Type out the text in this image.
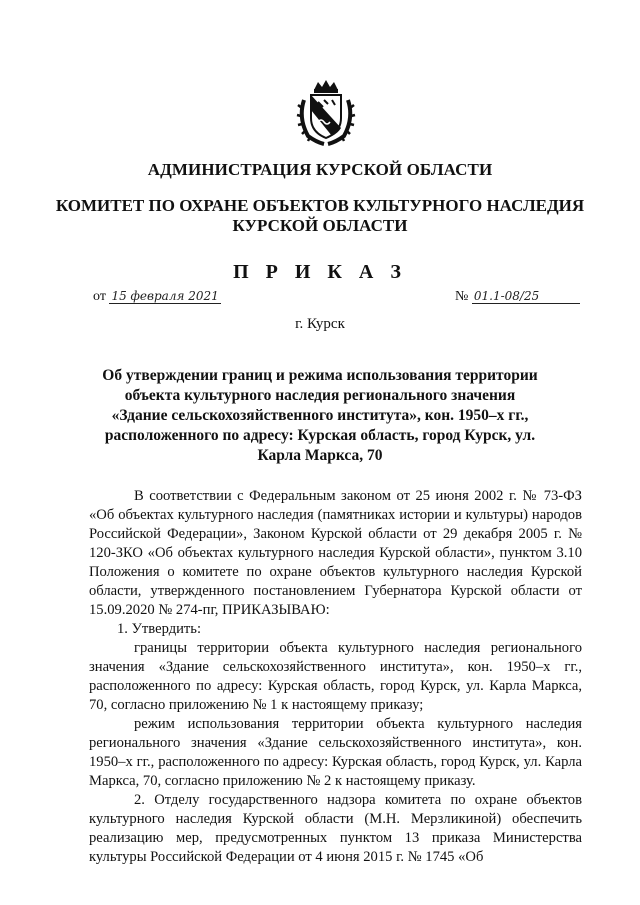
АДМИНИСТРАЦИЯ КУРСКОЙ ОБЛАСТИ
КОМИТЕТ ПО ОХРАНЕ ОБЪЕКТОВ КУЛЬТУРНОГО НАСЛЕДИЯ
КУРСКОЙ ОБЛАСТИ
П Р И К А З
от 15 февраля 2021	№ 01.1-08/25
г. Курск
Об утверждении границ и режима использования территории объекта культурного наследия регионального значения «Здание сельскохозяйственного института», кон. 1950–х гг., расположенного по адресу: Курская область, город Курск, ул. Карла Маркса, 70

В соответствии с Федеральным законом от 25 июня 2002 г. № 73-ФЗ «Об объектах культурного наследия (памятниках истории и культуры) народов Российской Федерации», Законом Курской области от 29 декабря 2005 г. № 120-ЗКО «Об объектах культурного наследия Курской области», пунктом 3.10 Положения о комитете по охране объектов культурного наследия Курской области, утвержденного постановлением Губернатора Курской области от 15.09.2020 № 274-пг, ПРИКАЗЫВАЮ:

1. Утвердить:

границы территории объекта культурного наследия регионального значения «Здание сельскохозяйственного института», кон. 1950–х гг., расположенного по адресу: Курская область, город Курск, ул. Карла Маркса, 70, согласно приложению № 1 к настоящему приказу;

режим использования территории объекта культурного наследия регионального значения «Здание сельскохозяйственного института», кон. 1950–х гг., расположенного по адресу: Курская область, город Курск, ул. Карла Маркса, 70, согласно приложению № 2 к настоящему приказу.

2. Отделу государственного надзора комитета по охране объектов культурного наследия Курской области (М.Н. Мерзликиной) обеспечить реализацию мер, предусмотренных пунктом 13 приказа Министерства культуры Российской Федерации от 4 июня 2015 г. № 1745 «Об
